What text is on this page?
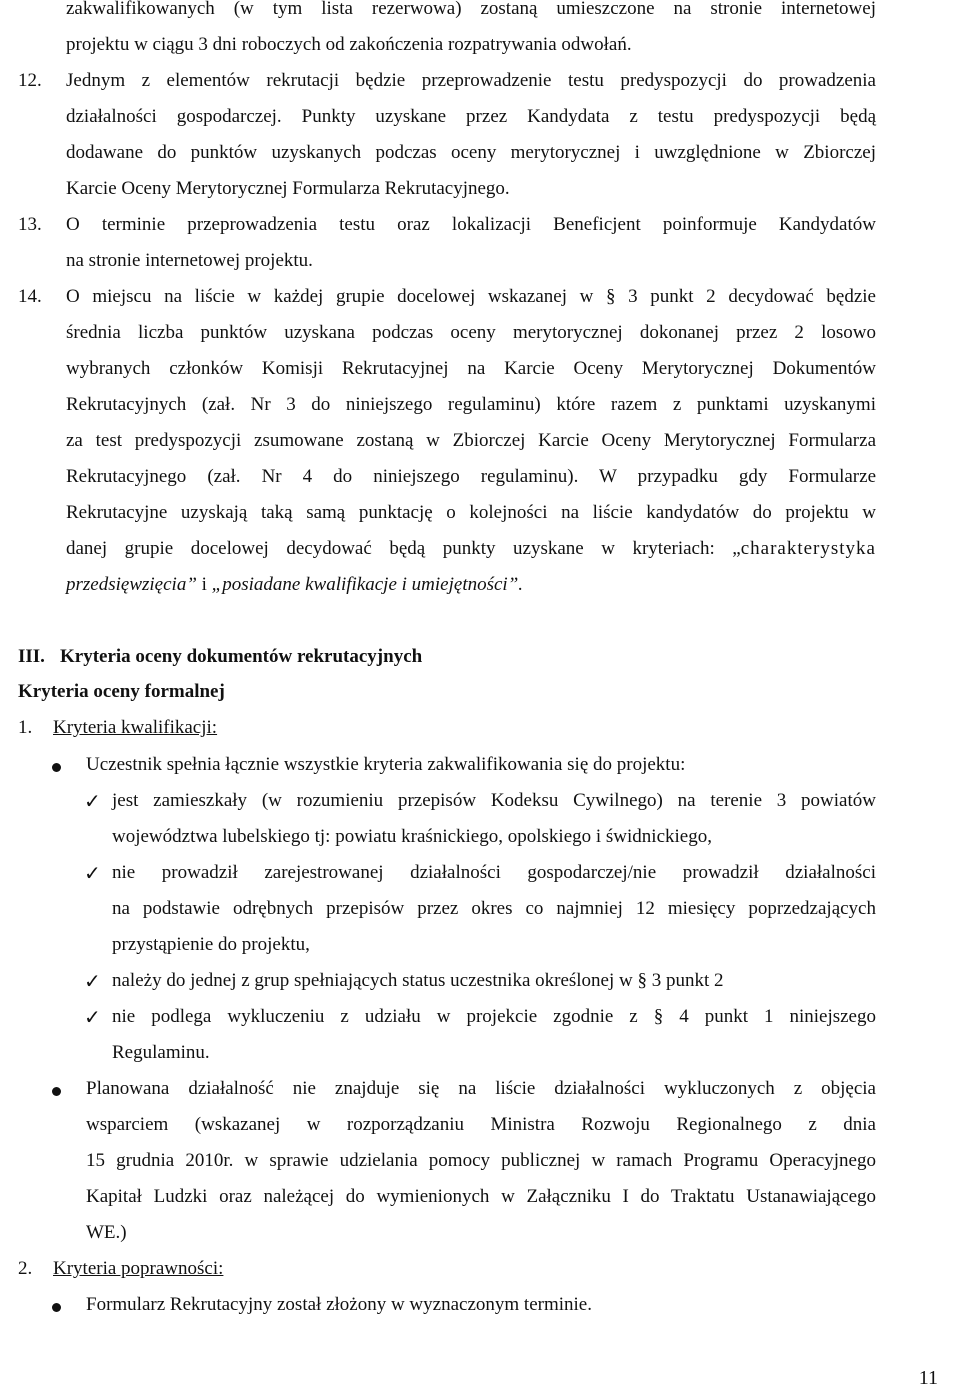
zakwalifikowanych (w tym lista rezerwowa) zostaną umieszczone na stronie internetowej
projektu w ciągu 3 dni roboczych od zakończenia rozpatrywania odwołań.
12.	Jednym z elementów rekrutacji będzie przeprowadzenie testu predyspozycji do prowadzenia
działalności gospodarczej. Punkty uzyskane przez Kandydata z testu predyspozycji będą
dodawane do punktów uzyskanych podczas oceny merytorycznej i uwzględnione w Zbiorczej
Karcie Oceny Merytorycznej Formularza Rekrutacyjnego.
13.	O terminie przeprowadzenia testu oraz lokalizacji Beneficjent poinformuje Kandydatów
na stronie internetowej projektu.
14.	O miejscu na liście w każdej grupie docelowej wskazanej w § 3 punkt 2 decydować będzie
średnia liczba punktów uzyskana podczas oceny merytorycznej dokonanej przez 2 losowo
wybranych członków Komisji Rekrutacyjnej na Karcie Oceny Merytorycznej Dokumentów
Rekrutacyjnych (zał. Nr 3 do niniejszego regulaminu) które razem z punktami uzyskanymi
za test predyspozycji zsumowane zostaną w Zbiorczej Karcie Oceny Merytorycznej Formularza
Rekrutacyjnego (zał. Nr 4 do niniejszego regulaminu). W przypadku gdy Formularze
Rekrutacyjne uzyskają taką samą punktację o kolejności na liście kandydatów do projektu w
danej grupie docelowej decydować będą punkty uzyskane w kryteriach: „charakterystyka
przedsięwzięcia” i „posiadane kwalifikacje i umiejętności”.
III. Kryteria oceny dokumentów rekrutacyjnych
Kryteria oceny formalnej
1. Kryteria kwalifikacji:
Uczestnik spełnia łącznie wszystkie kryteria zakwalifikowania się do projektu:
✓ jest zamieszkały (w rozumieniu przepisów Kodeksu Cywilnego) na terenie 3 powiatów
województwa lubelskiego tj: powiatu kraśnickiego, opolskiego i świdnickiego,
✓ nie prowadził zarejestrowanej działalności gospodarczej/nie prowadził działalności
na podstawie odrębnych przepisów przez okres co najmniej 12 miesięcy poprzedzających
przystąpienie do projektu,
✓ należy do jednej z grup spełniających status uczestnika określonej w § 3 punkt 2
✓ nie podlega wykluczeniu z udziału w projekcie zgodnie z § 4 punkt 1 niniejszego
Regulaminu.
Planowana działalność nie znajduje się na liście działalności wykluczonych z objęcia
wsparciem (wskazanej w rozporządzaniu Ministra Rozwoju Regionalnego z dnia
15 grudnia 2010r. w sprawie udzielania pomocy publicznej w ramach Programu Operacyjnego
Kapitał Ludzki oraz należącej do wymienionych w Załączniku I do Traktatu Ustanawiającego
WE.)
2. Kryteria poprawności:
Formularz Rekrutacyjny został złożony w wyznaczonym terminie.
11
